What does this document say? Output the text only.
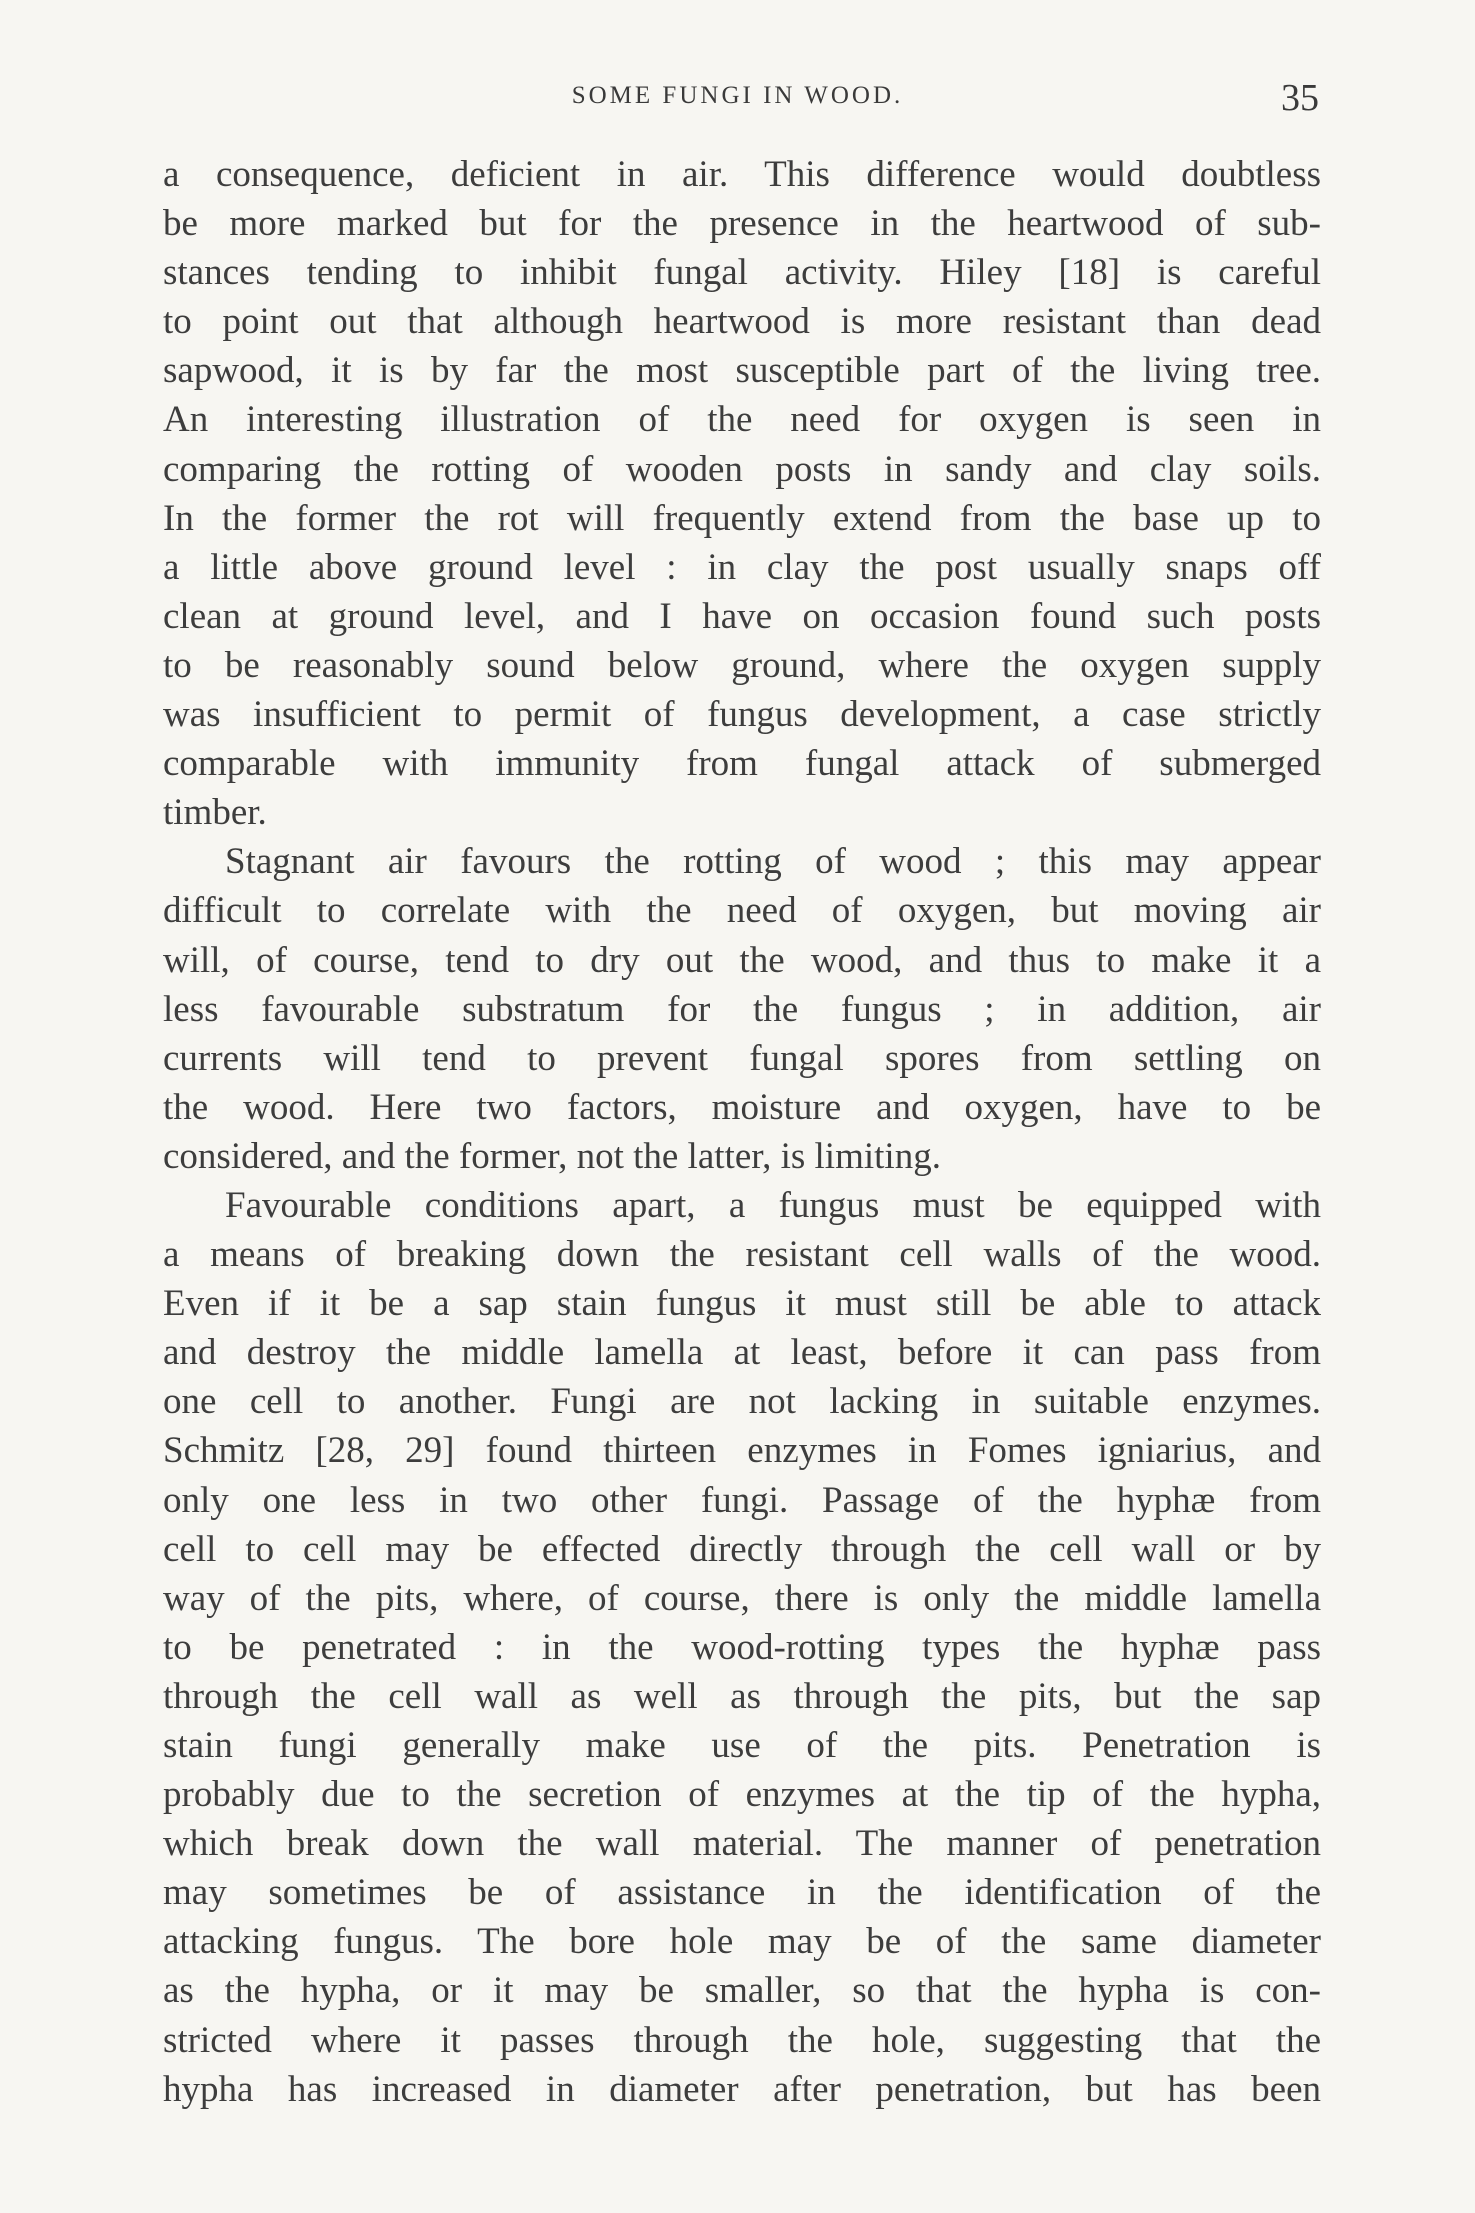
SOME FUNGI IN WOOD.	35

a consequence, deficient in air. This difference would doubtless
be more marked but for the presence in the heartwood of sub-
stances tending to inhibit fungal activity. Hiley [18] is careful
to point out that although heartwood is more resistant than dead
sapwood, it is by far the most susceptible part of the living tree.
An interesting illustration of the need for oxygen is seen in
comparing the rotting of wooden posts in sandy and clay soils.
In the former the rot will frequently extend from the base up to
a little above ground level : in clay the post usually snaps off
clean at ground level, and I have on occasion found such posts
to be reasonably sound below ground, where the oxygen supply
was insufficient to permit of fungus development, a case strictly
comparable with immunity from fungal attack of submerged
timber.

Stagnant air favours the rotting of wood ; this may appear
difficult to correlate with the need of oxygen, but moving air
will, of course, tend to dry out the wood, and thus to make it a
less favourable substratum for the fungus ; in addition, air
currents will tend to prevent fungal spores from settling on
the wood. Here two factors, moisture and oxygen, have to be
considered, and the former, not the latter, is limiting.

Favourable conditions apart, a fungus must be equipped with
a means of breaking down the resistant cell walls of the wood.
Even if it be a sap stain fungus it must still be able to attack
and destroy the middle lamella at least, before it can pass from
one cell to another. Fungi are not lacking in suitable enzymes.
Schmitz [28, 29] found thirteen enzymes in Fomes igniarius, and
only one less in two other fungi. Passage of the hyphæ from
cell to cell may be effected directly through the cell wall or by
way of the pits, where, of course, there is only the middle lamella
to be penetrated : in the wood-rotting types the hyphæ pass
through the cell wall as well as through the pits, but the sap
stain fungi generally make use of the pits. Penetration is
probably due to the secretion of enzymes at the tip of the hypha,
which break down the wall material. The manner of penetration
may sometimes be of assistance in the identification of the
attacking fungus. The bore hole may be of the same diameter
as the hypha, or it may be smaller, so that the hypha is con-
stricted where it passes through the hole, suggesting that the
hypha has increased in diameter after penetration, but has been
